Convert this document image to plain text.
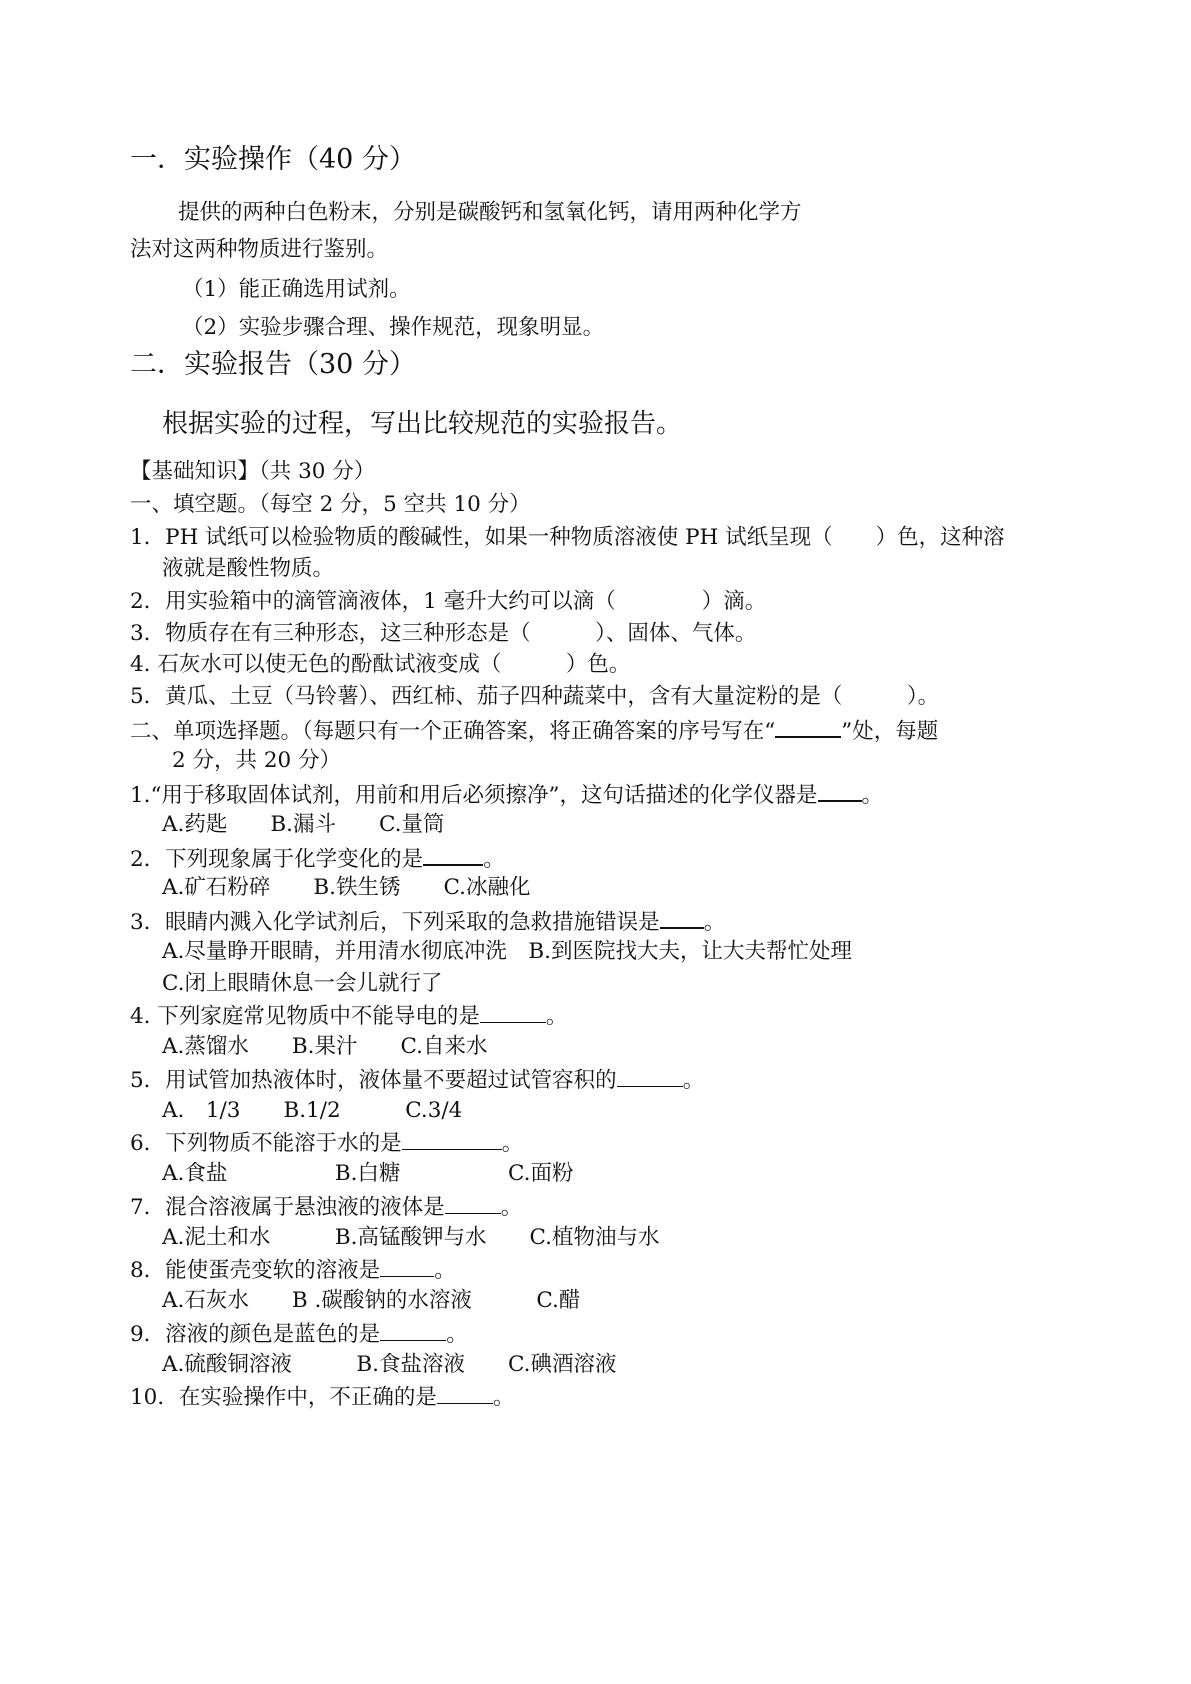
一．实验操作（40 分）
提供的两种白色粉末，分别是碳酸钙和氢氧化钙，请用两种化学方
法对这两种物质进行鉴别。
（1）能正确选用试剂。
（2）实验步骤合理、操作规范，现象明显。
二．实验报告（30 分）
根据实验的过程，写出比较规范的实验报告。
【基础知识】（共 30 分）
一、填空题。（每空 2 分，5 空共 10 分）
1．PH 试纸可以检验物质的酸碱性，如果一种物质溶液使 PH 试纸呈现（　　）色，这种溶
液就是酸性物质。
2．用实验箱中的滴管滴液体，1 毫升大约可以滴（　　　　）滴。
3．物质存在有三种形态，这三种形态是（　　　）、固体、气体。
4. 石灰水可以使无色的酚酞试液变成（　　　）色。
5．黄瓜、土豆（马铃薯）、西红柿、茄子四种蔬菜中，含有大量淀粉的是（　　　）。
二、单项选择题。（每题只有一个正确答案，将正确答案的序号写在“	”处，每题
2 分，共 20 分）
1.“用于移取固体试剂，用前和用后必须擦净”，这句话描述的化学仪器是 。
A.药匙　　B.漏斗　　C.量筒
2．下列现象属于化学变化的是	。
A.矿石粉碎　　B.铁生锈　　C.冰融化
3．眼睛内溅入化学试剂后，下列采取的急救措施错误是 。
A.尽量睁开眼睛，并用清水彻底冲洗　B.到医院找大夫，让大夫帮忙处理
C.闭上眼睛休息一会儿就行了
4. 下列家庭常见物质中不能导电的是	。
A.蒸馏水　　B.果汁　　C.自来水
5．用试管加热液体时，液体量不要超过试管容积的	。
A.　1/3　　B.1/2　　　C.3/4
6．下列物质不能溶于水的是	。
A.食盐　　　　　B.白糖　　　　　C.面粉
7．混合溶液属于悬浊液的液体是	。
A.泥土和水　　　B.高锰酸钾与水　　C.植物油与水
8．能使蛋壳变软的溶液是	。
A.石灰水　　B .碳酸钠的水溶液　　　C.醋
9．溶液的颜色是蓝色的是	。
A.硫酸铜溶液　　　B.食盐溶液　　C.碘酒溶液
10．在实验操作中，不正确的是	。
